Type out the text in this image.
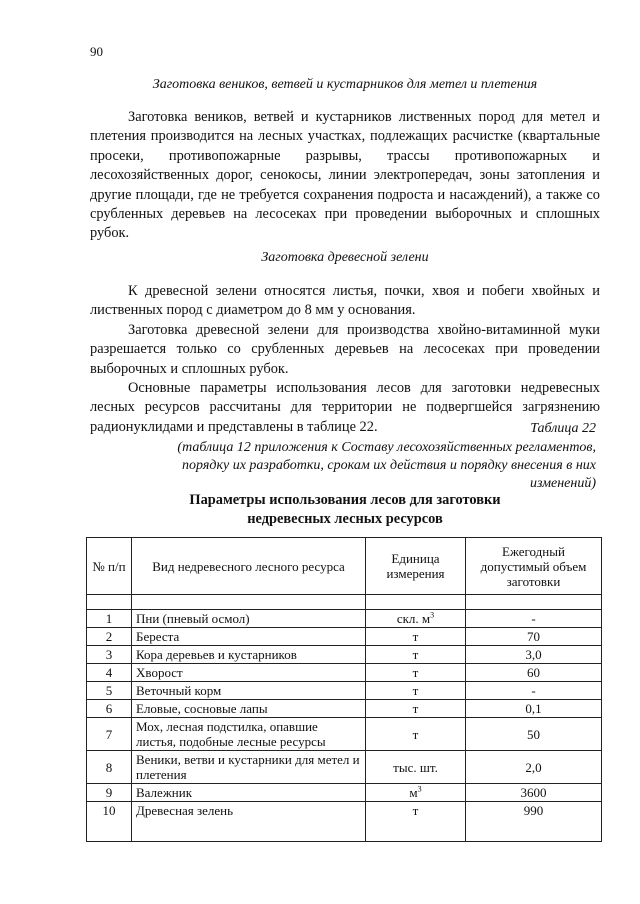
90
Заготовка веников, ветвей и кустарников для метел и плетения

Заготовка веников, ветвей и кустарников лиственных пород для метел и плетения производится на лесных участках, подлежащих расчистке (квартальные просеки, противопожарные разрывы, трассы противопожарных и лесохозяйственных дорог, сенокосы, линии электропередач, зоны затопления и другие площади, где не требуется сохранения подроста и насаждений), а также со срубленных деревьев на лесосеках при проведении выборочных и сплошных рубок.

Заготовка древесной зелени

К древесной зелени относятся листья, почки, хвоя и побеги хвойных и лиственных пород с диаметром до 8 мм у основания.

Заготовка древесной зелени для производства хвойно-витаминной муки разрешается только со срубленных деревьев на лесосеках при проведении выборочных и сплошных рубок.

Основные параметры использования лесов для заготовки недревесных лесных ресурсов рассчитаны для территории не подвергшейся загрязнению радионуклидами и представлены в таблице 22.	Таблица 22
(таблица 12 приложения к Составу лесохозяйственных регламентов, порядку их разработки, срокам их действия и порядку внесения в них изменений)
Параметры использования лесов для заготовки
недревесных лесных ресурсов
№ п/п	Вид недревесного лесного ресурса	Единица измерения	Ежегодный допустимый объем заготовки

1	Пни (пневый осмол)	скл. $м^3$	-
2	Береста	т	70
3	Кора деревьев и кустарников	т	3,0
4	Хворост	т	60
5	Веточный корм	т	-
6	Еловые, сосновые лапы	т	0,1
7	Мох, лесная подстилка, опавшие листья, подобные лесные ресурсы	т	50
8	Веники, ветви и кустарники для метел и плетения	тыс. шт.	2,0
9	Валежник	$м^3$	3600
10	Древесная зелень	т	990
